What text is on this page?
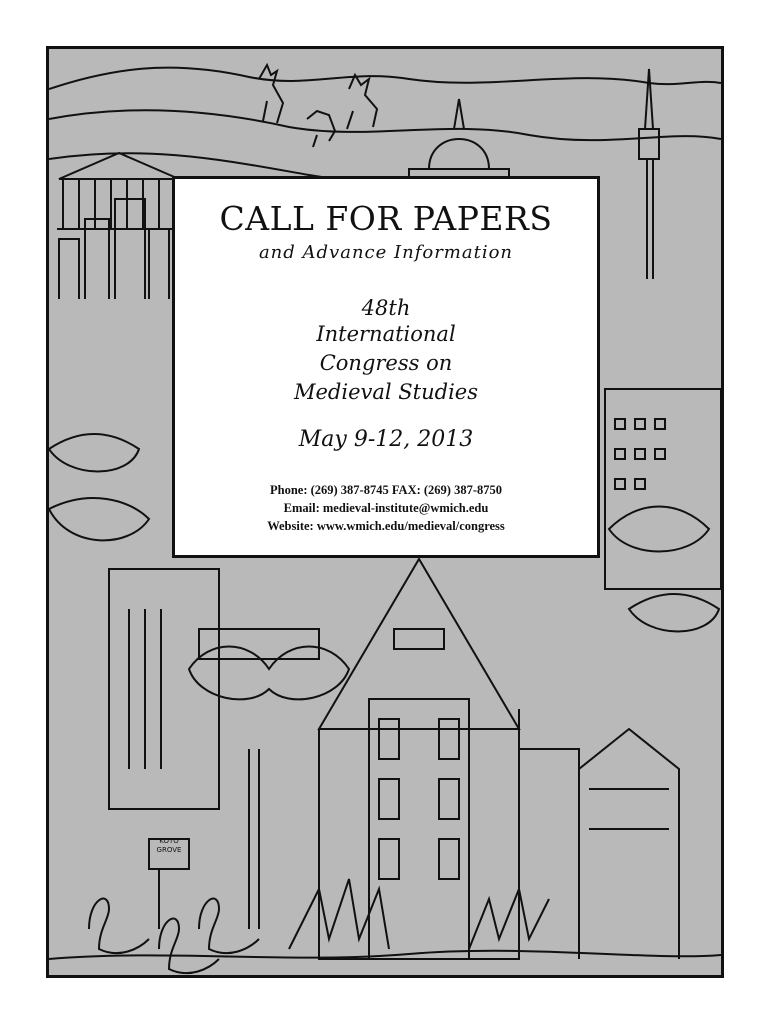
KOTO GROVE
CALL FOR PAPERS
and Advance Information
48th
International
Congress on
Medieval Studies
May 9-12, 2013
Phone: (269) 387-8745 FAX: (269) 387-8750
Email: medieval-institute@wmich.edu
Website: www.wmich.edu/medieval/congress
